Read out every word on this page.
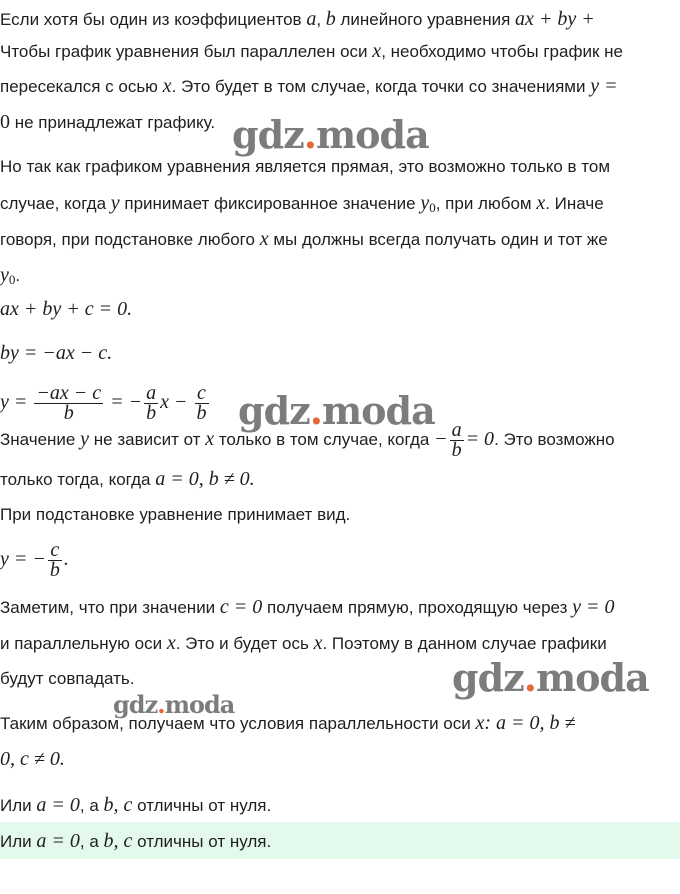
Если хотя бы один из коэффициентов a, b линейного уравнения ax + by +
Чтобы график уравнения был параллелен оси x, необходимо чтобы график не
пересекался с осью x. Это будет в том случае, когда точки со значениями y =
0 не принадлежат графику.
Но так как графиком уравнения является прямая, это возможно только в том
случае, когда y принимает фиксированное значение $y_0$, при любом x. Иначе
говоря, при подстановке любого x мы должны всегда получать один и тот же
$y_0$.
ax + by + c = 0.
by = −ax − c.
$y = \frac{-ax - c}{b}$ = − $\frac{a}{b}$ $x - \frac{c}{b}$
Значение y не зависит от x только в том случае, когда − $\frac{a}{b} = 0$. Это возможно
только тогда, когда a = 0, b ≠ 0.
При подстановке уравнение принимает вид.
y = − $\frac{c}{b}$ .
Заметим, что при значении c = 0 получаем прямую, проходящую через y = 0
и параллельную оси x. Это и будет ось x. Поэтому в данном случае графики
будут совпадать.
Таким образом, получаем что условия параллельности оси x: a = 0, b ≠
0, c ≠ 0.
Или a = 0, а b, c отличны от нуля.
Или a = 0, а b, c отличны от нуля.
gdz.moda
gdz.moda
gdz.moda
gdz.moda
